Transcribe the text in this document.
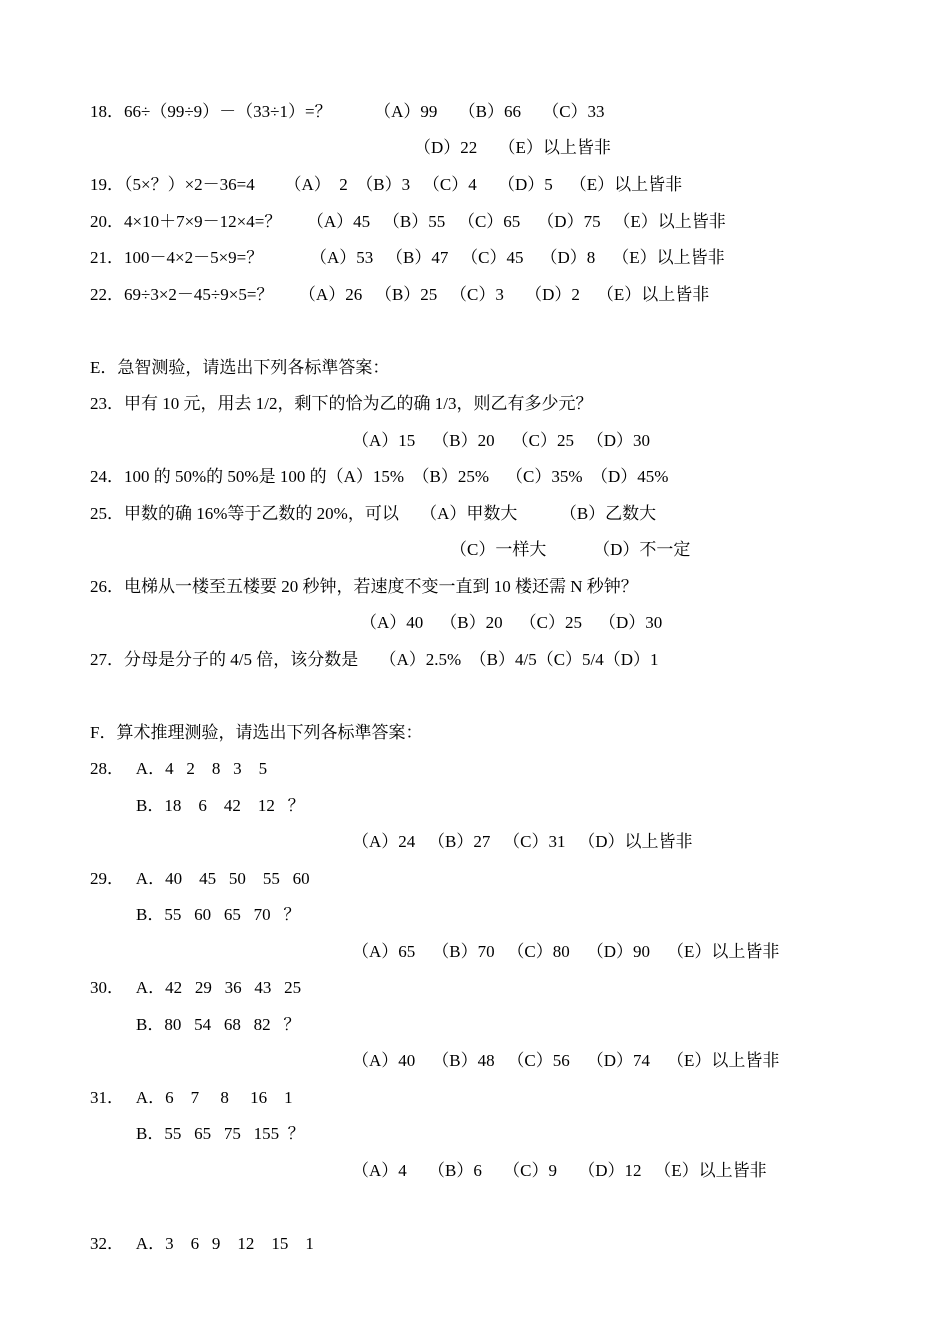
18．66÷（99÷9）－（33÷1）=？          （A）99     （B）66     （C）33
（D）22     （E）以上皆非
19．（5×？）×2－36=4       （A）  2  （B）3   （C）4     （D）5    （E）以上皆非
20．4×10＋7×9－12×4=？      （A）45   （B）55   （C）65    （D）75   （E）以上皆非
21．100－4×2－5×9=？           （A）53   （B）47   （C）45    （D）8    （E）以上皆非
22．69÷3×2－45÷9×5=？      （A）26   （B）25   （C）3     （D）2    （E）以上皆非
E．急智测验，请选出下列各标準答案：
23．甲有 10 元，用去 1/2，剩下的恰为乙的确 1/3，则乙有多少元？
（A）15    （B）20    （C）25   （D）30
24．100 的 50%的 50%是 100 的（A）15%  （B）25%    （C）35%  （D）45%
25．甲数的确 16%等于乙数的 20%，可以     （A）甲数大          （B）乙数大
（C）一样大           （D）不一定
26．电梯从一楼至五楼要 20 秒钟，若速度不变一直到 10 楼还需 N 秒钟？
（A）40    （B）20    （C）25    （D）30
27．分母是分子的 4/5 倍，该分数是     （A）2.5%  （B）4/5（C）5/4（D）1
F．算术推理测验，请选出下列各标準答案：
28．   A．4   2    8   3    5
B．18    6    42    12   ？
（A）24   （B）27   （C）31   （D）以上皆非
29．   A．40    45   50    55   60
B．55   60   65   70   ？
（A）65    （B）70   （C）80    （D）90    （E）以上皆非
30．   A．42   29   36   43   25
B．80   54   68   82   ？
（A）40    （B）48   （C）56    （D）74    （E）以上皆非
31．   A．6    7     8     16    1
B．55   65   75   155  ？
（A）4     （B）6     （C）9     （D）12   （E）以上皆非
32．   A．3    6   9    12    15    1
